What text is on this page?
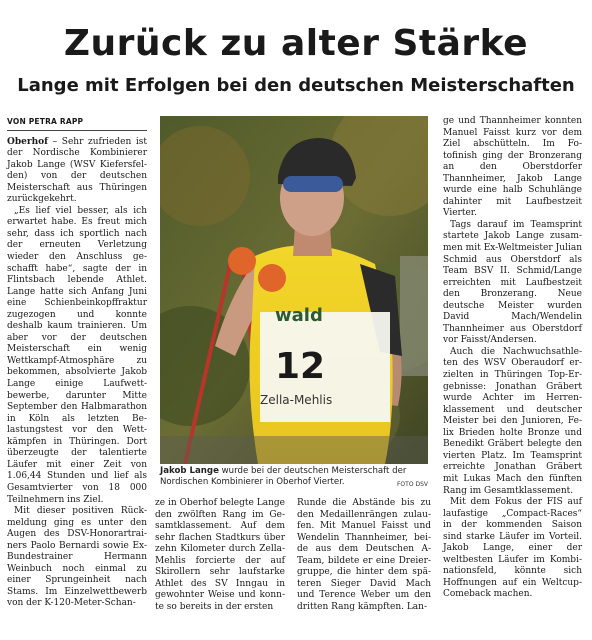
Zurück zu alter Stärke
Lange mit Erfolgen bei den deutschen Meisterschaften
VON PETRA RAPP

Oberhof – Sehr zufrieden ist der Nordische Kombinierer Jakob Lange (WSV Kiefersfelden) von der deutschen Meisterschaft aus Thüringen zurückgekehrt.

„Es lief viel besser, als ich erwartet habe. Es freut mich sehr, dass ich sportlich nach der erneuten Verletzung wieder den Anschluss geschafft habe“, sagte der in Flintsbach lebende Athlet. Lange hatte sich Anfang Juni eine Schienbeinkopffraktur zugezogen und konnte deshalb kaum trainieren. Um aber vor der deutschen Meisterschaft ein wenig Wettkampf-Atmosphäre zu bekommen, absolvierte Jakob Lange einige Laufwettbewerbe, darunter Mitte September den Halbmarathon in Köln als letzten Belastungstest vor den Wettkämpfen in Thüringen. Dort überzeugte der talentierte Läufer mit einer Zeit von 1.06,44 Stunden und lief als Gesamtvierter von 18 000 Teilnehmern ins Ziel.

Mit dieser positiven Rückmeldung ging es unter den Augen des DSV-Honorartrainers Paolo Bernardi sowie Ex-Bundestrainer Hermann Weinbuch noch einmal zu einer Sprungeinheit nach Stams. Im Einzelwettbewerb von der K-120-Meter-Schan-

wald
12
Zella-Mehlis
Jakob Lange wurde bei der deutschen Meisterschaft der Nordischen Kombinierer in Oberhof Vierter.	FOTO DSV

ze in Oberhof belegte Lange den zwölften Rang im Gesamtklassement. Auf dem sehr flachen Stadtkurs über zehn Kilometer durch Zella-Mehlis forcierte der auf Skirollern sehr laufstarke Athlet des SV Inngau in gewohnter Weise und konnte so bereits in der ersten

Runde die Abstände bis zu den Medaillenrängen zulaufen. Mit Manuel Faisst und Wendelin Thannheimer, beide aus dem Deutschen A-Team, bildete er eine Dreiergruppe, die hinter dem späteren Sieger David Mach und Terence Weber um den dritten Rang kämpften. Lan-

ge und Thannheimer konnten Manuel Faisst kurz vor dem Ziel abschütteln. Im Fotofinish ging der Bronzerang an den Oberstdorfer Thannheimer, Jakob Lange wurde eine halb Schuhlänge dahinter mit Laufbestzeit Vierter.

Tags darauf im Teamsprint startete Jakob Lange zusammen mit Ex-Weltmeister Julian Schmid aus Oberstdorf als Team BSV II. Schmid/Lange erreichten mit Laufbestzeit den Bronzerang. Neue deutsche Meister wurden David Mach/Wendelin Thannheimer aus Oberstdorf vor Faisst/Andersen.

Auch die Nachwuchsathleten des WSV Oberaudorf erzielten in Thüringen Top-Ergebnisse: Jonathan Gräbert wurde Achter im Herrenklassement und deutscher Meister bei den Junioren, Felix Brieden holte Bronze und Benedikt Gräbert belegte den vierten Platz. Im Teamsprint erreichte Jonathan Gräbert mit Lukas Mach den fünften Rang im Gesamtklassement.

Mit dem Fokus der FIS auf laufastige „Compact-Races“ in der kommenden Saison sind starke Läufer im Vorteil. Jakob Lange, einer der weltbesten Läufer im Kombinationsfeld, könnte sich Hoffnungen auf ein Weltcup-Comeback machen.
